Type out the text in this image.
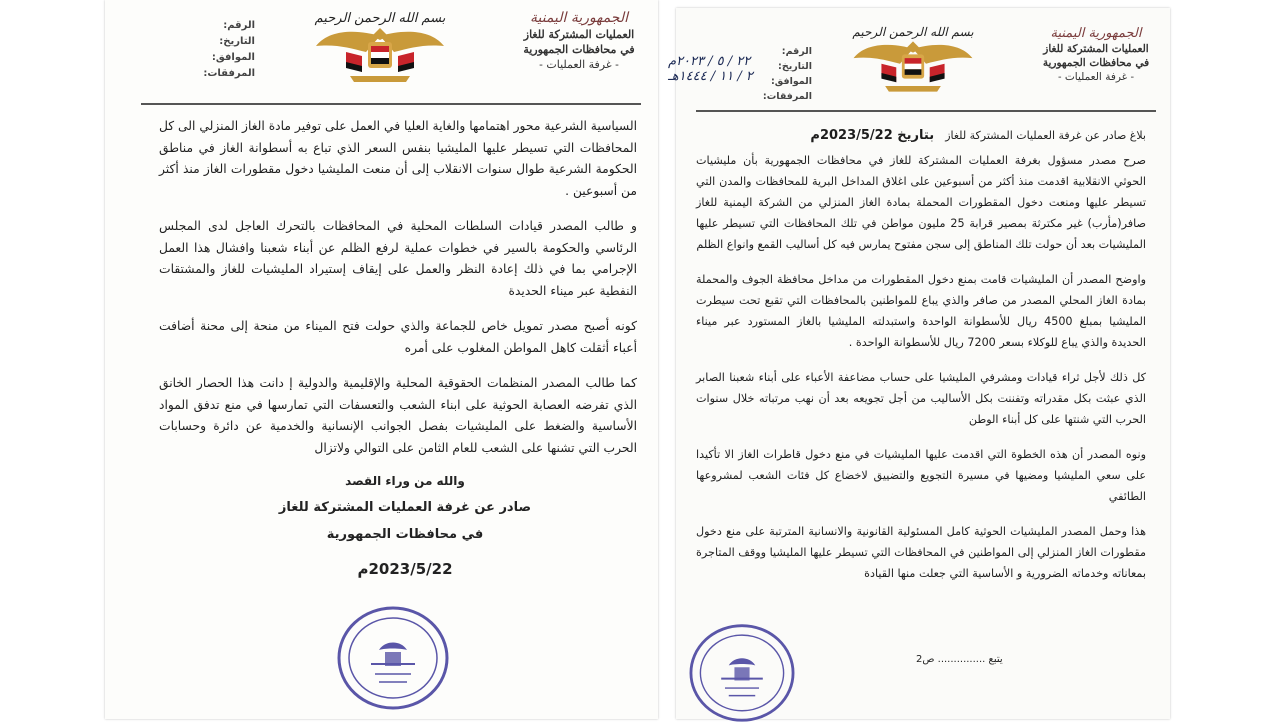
الجمهورية اليمنية
العمليات المشتركة للغاز
في محافظات الجمهورية
- غرفة العمليات -
بسم الله الرحمن الرحيم
الرقم:
التاريخ:
الموافق:
المرفقات:

السياسية الشرعية محور اهتمامها والغاية العليا في العمل على توفير مادة الغاز المنزلي الى كل المحافظات التي تسيطر عليها المليشيا بنفس السعر الذي تباع به أسطوانة الغاز في مناطق الحكومة الشرعية طوال سنوات الانقلاب إلى أن منعت المليشيا دخول مقطورات الغاز منذ أكثر من أسبوعين .

و طالب المصدر قيادات السلطات المحلية في المحافظات بالتحرك العاجل لدى المجلس الرئاسي والحكومة بالسير في خطوات عملية لرفع الظلم عن أبناء شعبنا وافشال هذا العمل الإجرامي بما في ذلك إعادة النظر والعمل على إيقاف إستيراد المليشيات للغاز والمشتقات النفطية عبر ميناء الحديدة

كونه أصبح مصدر تمويل خاص للجماعة والذي حولت فتح الميناء من منحة إلى محنة أضافت أعباء أثقلت كاهل المواطن المغلوب على أمره

كما طالب المصدر المنظمات الحقوقية المحلية والإقليمية والدولية إ دانت هذا الحصار الخانق الذي تفرضه العصابة الحوثية على ابناء الشعب والتعسفات التي تمارسها في منع تدفق المواد الأساسية والضغط على المليشيات بفصل الجوانب الإنسانية والخدمية عن دائرة وحسابات الحرب التي تشنها على الشعب للعام الثامن على التوالي ولاتزال

والله من وراء القصد
صادر عن غرفة العمليات المشتركة للغاز
في محافظات الجمهورية
2023/5/22م
الجمهورية اليمنية
العمليات المشتركة للغاز
في محافظات الجمهورية
- غرفة العمليات -
بسم الله الرحمن الرحيم
الرقم:
التاريخ:
الموافق:
المرفقات:
٢٢ / ٥ / ٢٠٢٣م
٢ / ١١ / ١٤٤٤هـ
بلاغ صادر عن غرفة العمليات المشتركة للغاز بتاريخ 2023/5/22م

صرح مصدر مسؤول بغرفة العمليات المشتركة للغاز في محافظات الجمهورية بأن مليشيات الحوثي الانقلابية اقدمت منذ أكثر من أسبوعين على اغلاق المداخل البرية للمحافظات والمدن التي تسيطر عليها ومنعت دخول المقطورات المحملة بمادة الغاز المنزلي من الشركة اليمنية للغاز صافر(مأرب) غير مكترثة بمصير قرابة 25 مليون مواطن في تلك المحافظات التي تسيطر عليها المليشيات بعد أن حولت تلك المناطق إلى سجن مفتوح يمارس فيه كل أساليب القمع وانواع الظلم

واوضح المصدر أن المليشيات قامت بمنع دخول المقطورات من مداخل محافظة الجوف والمحملة بمادة الغاز المحلي المصدر من صافر والذي يباع للمواطنين بالمحافظات التي تقبع تحت سيطرت المليشيا بمبلغ 4500 ريال للأسطوانة الواحدة واستبدلته المليشيا بالغاز المستورد عبر ميناء الحديدة والذي يباع للوكلاء بسعر 7200 ريال للأسطوانة الواحدة .

كل ذلك لأجل ثراء قيادات ومشرفي المليشيا على حساب مضاعفة الأعباء على أبناء شعبنا الصابر الذي عبثت بكل مقدراته وتفننت بكل الأساليب من أجل تجويعه بعد أن نهب مرتباته خلال سنوات الحرب التي شنتها على كل أبناء الوطن

ونوه المصدر أن هذه الخطوة التي اقدمت عليها المليشيات في منع دخول قاطرات الغاز الا تأكيدا على سعي المليشيا ومضيها في مسيرة التجويع والتضييق لاخضاع كل فئات الشعب لمشروعها الطائفي

هذا وحمل المصدر المليشيات الحوثية كامل المسئولية القانونية والانسانية المترتبة على منع دخول مقطورات الغاز المنزلي إلى المواطنين في المحافظات التي تسيطر عليها المليشيا ووقف المتاجرة بمعاناته وخدماته الضرورية و الأساسية التي جعلت منها القيادة

يتبع ............... ص2
